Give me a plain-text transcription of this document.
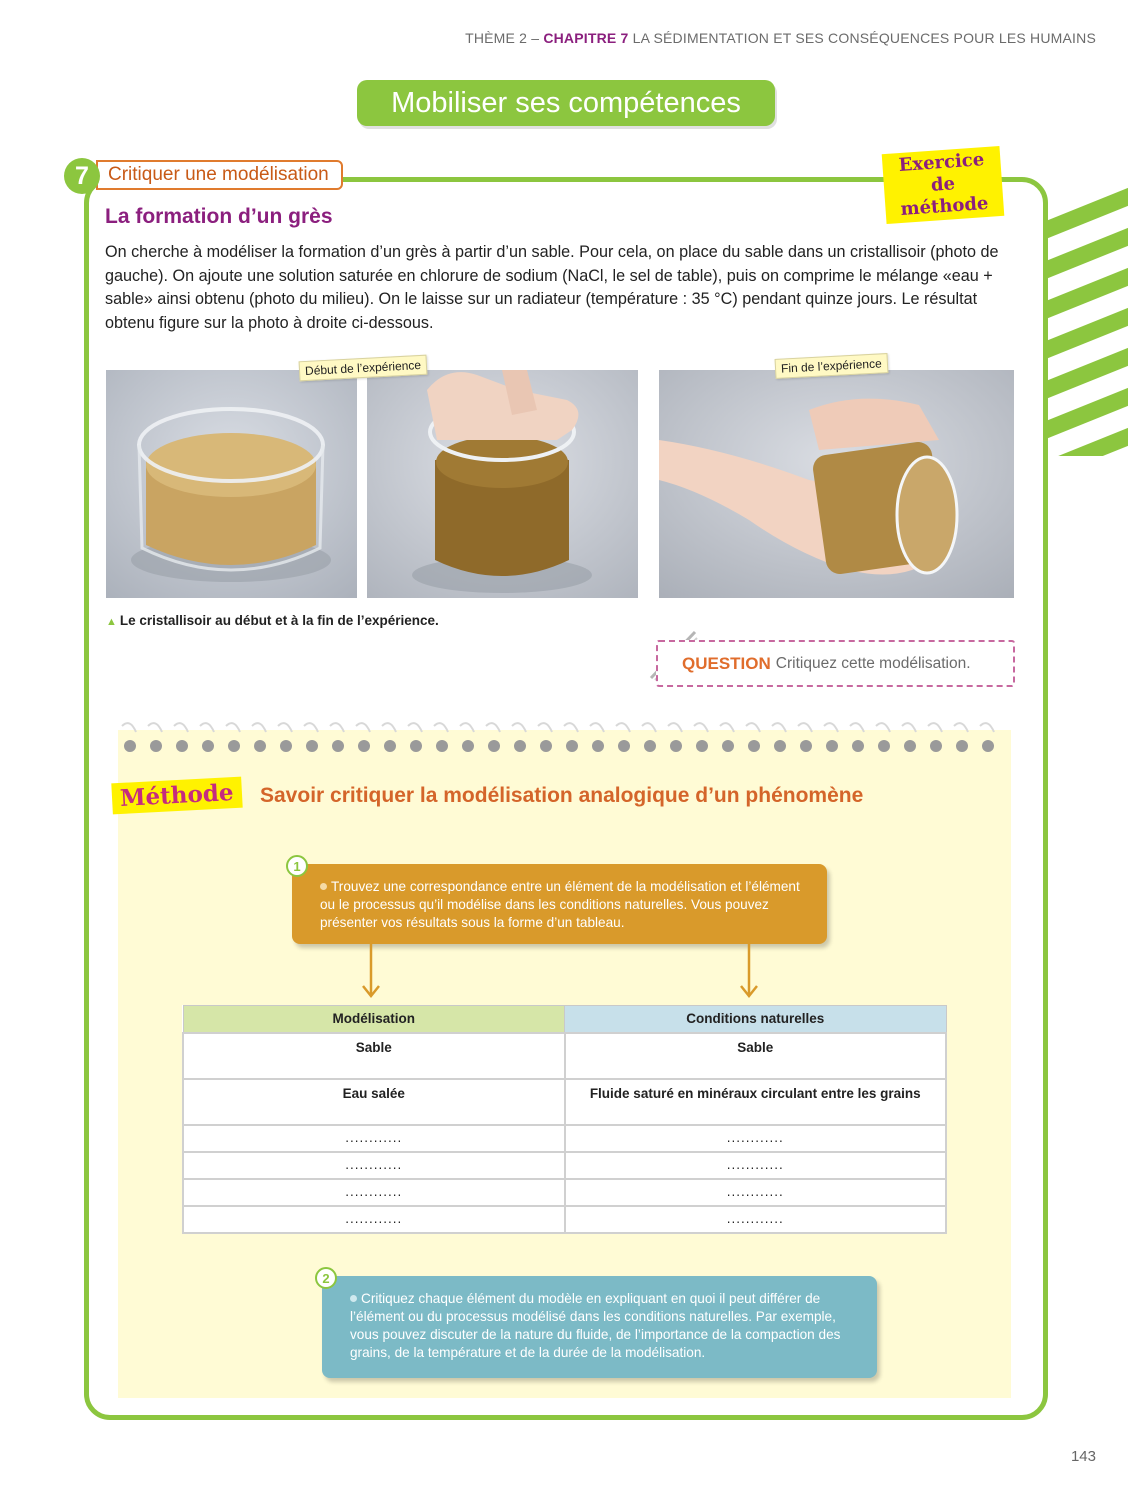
THÈME 2 – CHAPITRE 7 LA SÉDIMENTATION ET SES CONSÉQUENCES POUR LES HUMAINS
Mobiliser ses compétences
7	Critiquer une modélisation	Exercice
de méthode
La formation d’un grès

On cherche à modéliser la formation d’un grès à partir d’un sable. Pour cela, on place du sable dans un cristallisoir (photo de gauche). On ajoute une solution saturée en chlorure de sodium (NaCl, le sel de table), puis on comprime le mélange «eau + sable» ainsi obtenu (photo du milieu). On le laisse sur un radiateur (température : 35 °C) pendant quinze jours. Le résultat obtenu figure sur la photo à droite ci-dessous.

Début de l’expérience	Fin de l’expérience
▲ Le cristallisoir au début et à la fin de l’expérience.
QUESTION Critiquez cette modélisation.
Méthode	Savoir critiquer la modélisation analogique d’un phénomène
1
Trouvez une correspondance entre un élément de la modélisation et l’élément ou le processus qu’il modélise dans les conditions naturelles. Vous pouvez présenter vos résultats sous la forme d’un tableau.
Modélisation	Conditions naturelles
Sable	Sable
Eau salée	Fluide saturé en minéraux circulant entre les grains
............	............
............	............
............	............
............	............
2
Critiquez chaque élément du modèle en expliquant en quoi il peut différer de l’élément ou du processus modélisé dans les conditions naturelles. Par exemple, vous pouvez discuter de la nature du fluide, de l’importance de la compaction des grains, de la température et de la durée de la modélisation.
143
